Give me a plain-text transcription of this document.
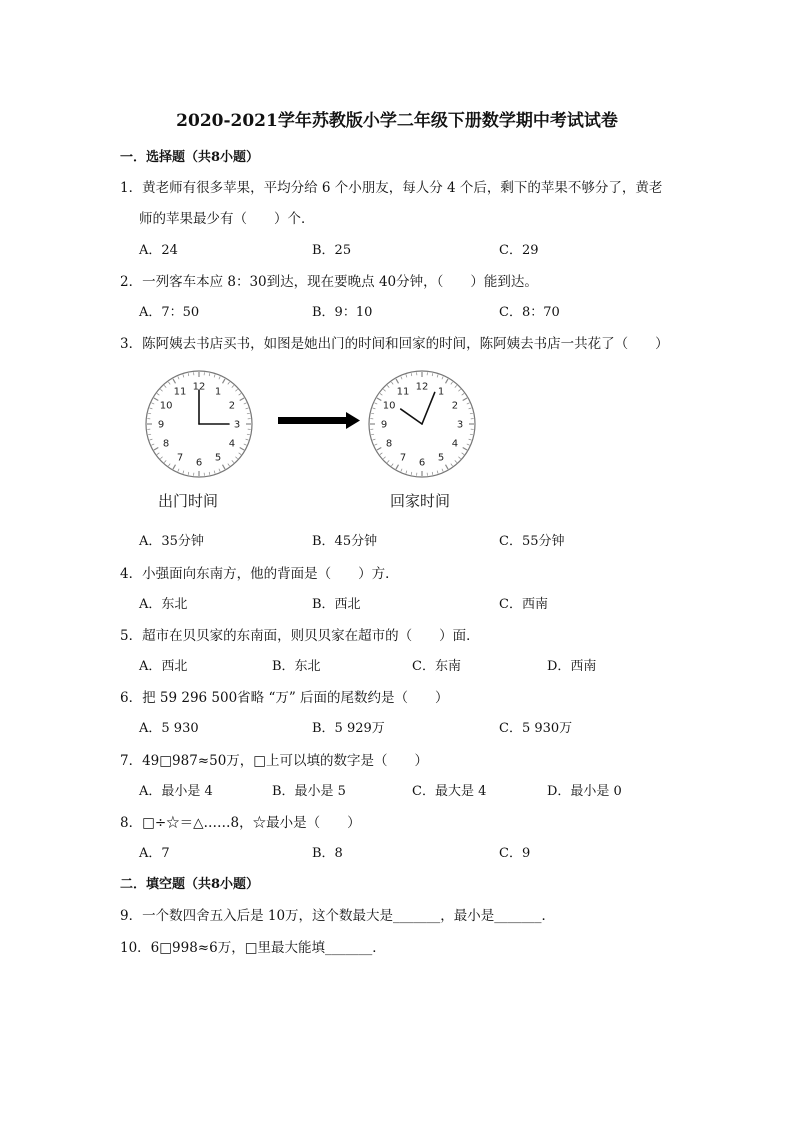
2020-2021学年苏教版小学二年级下册数学期中考试试卷
一．选择题（共8小题）
1．黄老师有很多苹果，平均分给 6 个小朋友，每人分 4 个后，剩下的苹果不够分了，黄老
师的苹果最少有（　　）个．
A．24	B．25	C．29
2．一列客车本应 8：30到达，现在要晚点 40分钟，（　　）能到达。
A．7：50	B．9：10	C．8：70
3．陈阿姨去书店买书，如图是她出门的时间和回家的时间，陈阿姨去书店一共花了（　　）
12 1
2
3
4
5
6
7
8
9
10
11	12 1
2
3
4
5
6
7
8
9
10
11
出门时间	回家时间
A．35分钟	B．45分钟	C．55分钟
4．小强面向东南方，他的背面是（　　）方．
A．东北	B．西北	C．西南
5．超市在贝贝家的东南面，则贝贝家在超市的（　　）面．
A．西北	B．东北	C．东南	D．西南
6．把 59 296 500省略 “万” 后面的尾数约是（　　）
A．5 930	B．5 929万	C．5 930万
7．49□987≈50万，□上可以填的数字是（　　）
A．最小是 4	B．最小是 5	C．最大是 4	D．最小是 0
8．□÷☆＝△……8，☆最小是（　　）
A．7	B．8	C．9
二．填空题（共8小题）
9．一个数四舍五入后是 10万，这个数最大是_______，最小是_______．
10．6□998≈6万，□里最大能填_______．
